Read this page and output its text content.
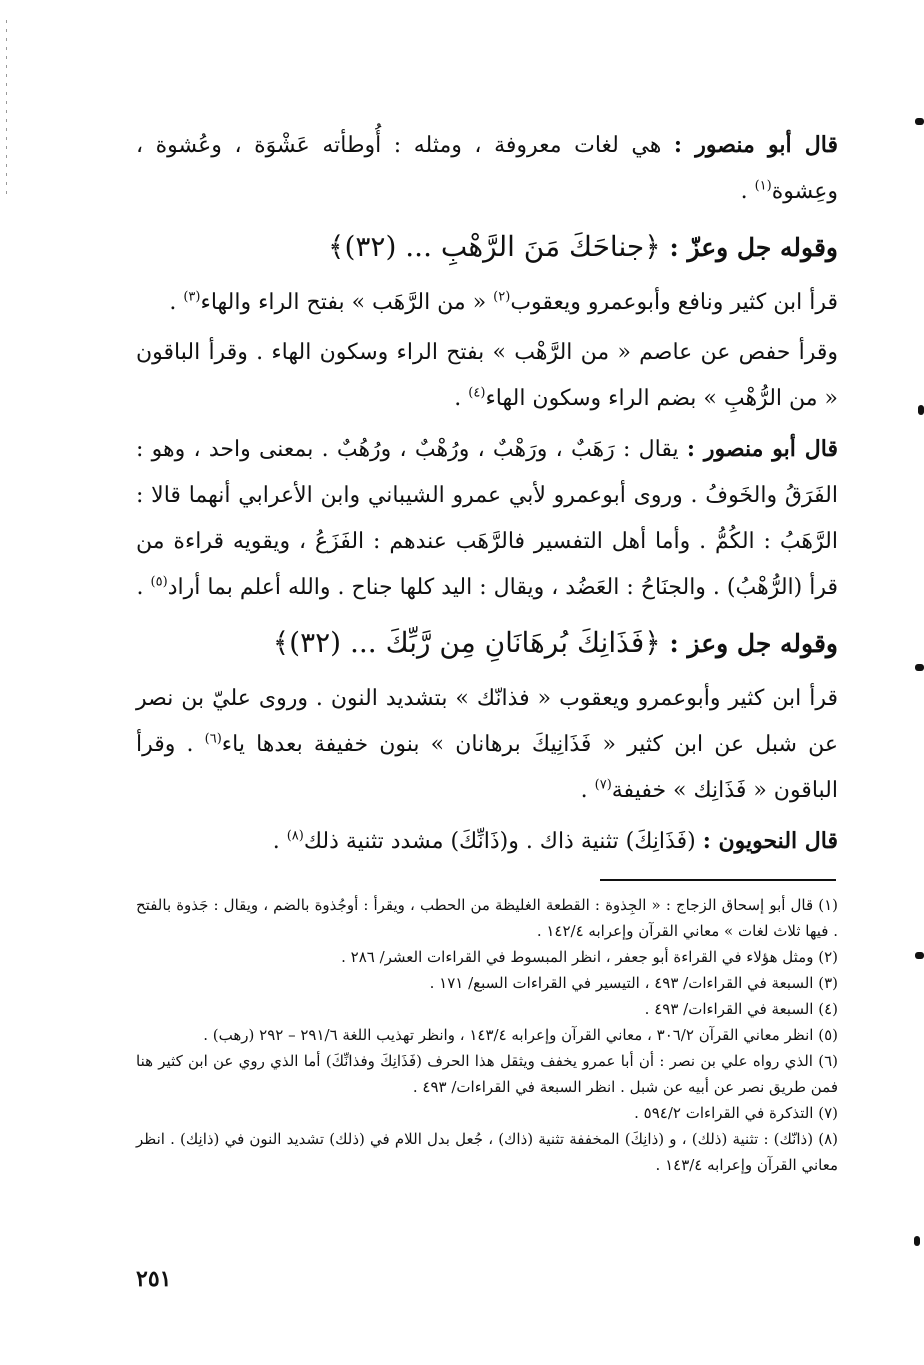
قال أبو منصور : هي لغات معروفة ، ومثله : أُوطأته عَشْوَة ، وعُشوة ، وعِشوة$^{(١)}$ .

وقوله جل وعزّ : ﴿جناحَكَ مَنَ الرَّهْبِ ... (٣٢)﴾

قرأ ابن كثير ونافع وأبوعمرو ويعقوب$^{(٢)}$ « من الرَّهَب » بفتح الراء والهاء$^{(٣)}$ .

وقرأ حفص عن عاصم « من الرَّهْب » بفتح الراء وسكون الهاء . وقرأ الباقون « من الرُّهْبِ » بضم الراء وسكون الهاء$^{(٤)}$ .

قال أبو منصور : يقال : رَهَبٌ ، ورَهْبٌ ، ورُهْبٌ ، ورُهُبٌ . بمعنى واحد ، وهو : الفَرَقُ والخَوفُ . وروى أبوعمرو لأبي عمرو الشيباني وابن الأعرابي أنهما قالا : الرَّهَبُ : الكُمُّ . وأما أهل التفسير فالرَّهَب عندهم : الفَزَعُ ، ويقويه قراءة من قرأ (الرُّهْبُ) . والجنَاحُ : العَضُد ، ويقال : اليد كلها جناح . والله أعلم بما أراد$^{(٥)}$ .

وقوله جل وعز : ﴿فَذَانِكَ بُرهَانَانِ مِن رَّبِّكَ ... (٣٢)﴾

قرأ ابن كثير وأبوعمرو ويعقوب « فذانّك » بتشديد النون . وروى عليّ بن نصر عن شبل عن ابن كثير « فَذَانِيكَ برهانان » بنون خفيفة بعدها ياء$^{(٦)}$ . وقرأ الباقون « فَذَانِك » خفيفة$^{(٧)}$ .

قال النحويون : (فَذَانِكَ) تثنية ذاك . و(ذَانِّكَ) مشدد تثنية ذلك$^{(٨)}$ .

(١) قال أبو إسحاق الزجاج : « الجِذوة : القطعة الغليظة من الحطب ، ويقرأ : أوجُذوة بالضم ، ويقال : جَذوة بالفتح . فيها ثلاث لغات » معاني القرآن وإعرابه ١٤٢/٤ .

(٢) ومثل هؤلاء في القراءة أبو جعفر ، انظر المبسوط في القراءات العشر/ ٢٨٦ .

(٣) السبعة في القراءات/ ٤٩٣ ، التيسير في القراءات السبع/ ١٧١ .

(٤) السبعة في القراءات/ ٤٩٣ .

(٥) انظر معاني القرآن ٣٠٦/٢ ، معاني القرآن وإعرابه ١٤٣/٤ ، وانظر تهذيب اللغة ٢٩١/٦ – ٢٩٢ (رهب) .

(٦) الذي رواه علي بن نصر : أن أبا عمرو يخفف ويثقل هذا الحرف (فَذَانِكَ وفذانِّكَ) أما الذي روي عن ابن كثير هنا فمن طريق نصر عن أبيه عن شبل . انظر السبعة في القراءات/ ٤٩٣ .

(٧) التذكرة في القراءات ٥٩٤/٢ .

(٨) (ذانّك) : تثنية (ذلك) ، و (ذانِكَ) المخففة تثنية (ذاك) ، جُعل بدل اللام في (ذلك) تشديد النون في (ذانِك) . انظر معاني القرآن وإعرابه ١٤٣/٤ .

٢٥١
